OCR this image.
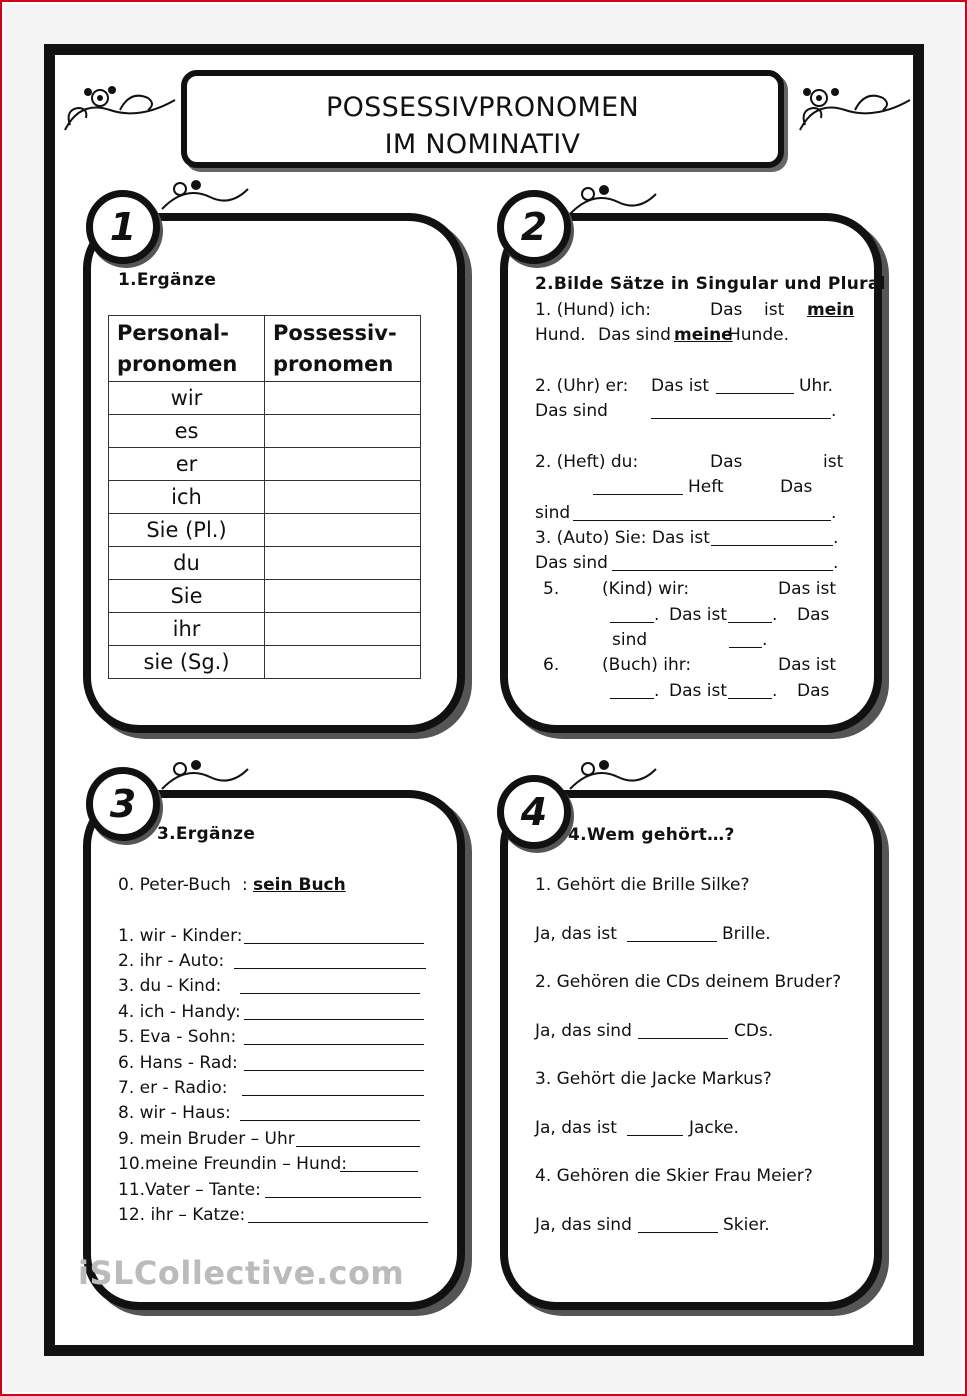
POSSESSIVPRONOMEN
IM NOMINATIV
1	2
3	4
1.Ergänze
Personal-
pronomen	Possessiv-
pronomen
wir	
es	
er	
ich	
Sie (Pl.)	
du	
Sie	
ihr	
sie (Sg.)	
2.Bilde Sätze in Singular und Plural
1. (Hund) ich:	Das ist mein
Hund. Das sind meine
Hunde.
2. (Uhr) er: Das ist	Uhr.
Das sind	.
2. (Heft) du:	Das	ist
Heft	Das
sind	.
3. (Auto) Sie: Das ist	.
Das sind	.
5.	(Kind) wir:	Das ist
. Das ist	. Das
sind	.
6.	(Buch) ihr:	Das ist
. Das ist	. Das
3.Ergänze
0. Peter-Buch : sein Buch
1. wir - Kinder:
2. ihr - Auto:
3. du - Kind:
4. ich - Handy:
5. Eva - Sohn:
6. Hans - Rad:
7. er - Radio:
8. wir - Haus:
9. mein Bruder – Uhr
10.meine Freundin – Hund:
11.Vater – Tante:
12. ihr – Katze:
iSLCollective.com
4.Wem gehört…?
1. Gehört die Brille Silke?
Ja, das ist	Brille.
2. Gehören die CDs deinem Bruder?
Ja, das sind	CDs.
3. Gehört die Jacke Markus?
Ja, das ist	Jacke.
4. Gehören die Skier Frau Meier?
Ja, das sind	Skier.
